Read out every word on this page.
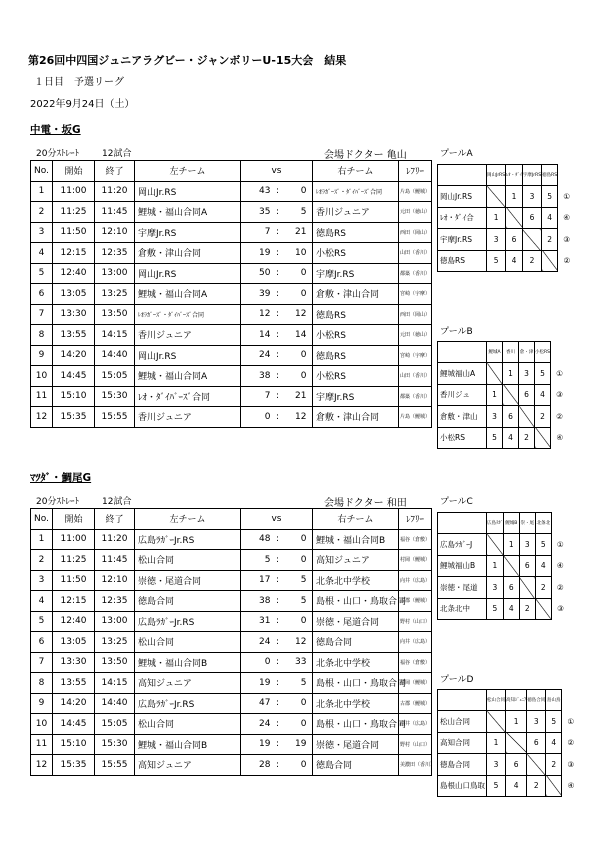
第26回中四国ジュニアラグビー・ジャンボリーU-15大会　結果
１日目　予選リーグ
2022年9月24日（土）
中電・坂G
20分ｽﾄﾚｰﾄ	12試合	会場ドクター 亀山	プールA
プールB
No.	開始	終了	左チーム	vs	右チーム	ﾚﾌﾘｰ
1	11:00	11:20	岡山Jr.RS	43 : 0	ﾚｵﾗｶﾞｰｽﾞ・ﾀﾞｲﾊﾞｰｽﾞ合同	片島（鯉城）
2	11:25	11:45	鯉城・福山合同A	35 : 5	香川ジュニア	元田（徳山）
3	11:50	12:10	宇摩Jr.RS	7 : 21	徳島RS	西田（岡山）
4	12:15	12:35	倉敷・津山合同	19 : 10	小松RS	山田（香川）
5	12:40	13:00	岡山Jr.RS	50 : 0	宇摩Jr.RS	都築（香川）
6	13:05	13:25	鯉城・福山合同A	39 : 0	倉敷・津山合同	宮崎（宇摩）
7	13:30	13:50	ﾚｵﾗｶﾞｰｽﾞ・ﾀﾞｲﾊﾞｰｽﾞ合同	12 : 12	徳島RS	西田（岡山）
8	13:55	14:15	香川ジュニア	14 : 14	小松RS	元田（徳山）
9	14:20	14:40	岡山Jr.RS	24 : 0	徳島RS	宮崎（宇摩）
10	14:45	15:05	鯉城・福山合同A	38 : 0	小松RS	山田（香川）
11	15:10	15:30	ﾚｵ・ﾀﾞｲﾊﾞｰｽﾞ合同	7 : 21	宇摩Jr.RS	都築（香川）
12	15:35	15:55	香川ジュニア	0 : 12	倉敷・津山合同	片島（鯉城）
	岡山JrRS	ﾚｵ・ﾀﾞｲ	宇摩JrRS	徳島RS	
岡山Jr.RS		1	3	5	①
ﾚｵ・ﾀﾞｲ合	1		6	4	④
宇摩Jr.RS	3	6		2	③
徳島RS	5	4	2		②
	鯉城A	香川	倉・津	小松RS	
鯉城福山A		1	3	5	①
香川ジュ	1		6	4	③
倉敷・津山	3	6		2	②
小松RS	5	4	2		④
ﾏﾂﾀﾞ・鯛尾G
20分ｽﾄﾚｰﾄ	12試合	会場ドクター 和田	プールC
プールD
No.	開始	終了	左チーム	vs	右チーム	ﾚﾌﾘｰ
1	11:00	11:20	広島ﾗｶﾞｰJr.RS	48 : 0	鯉城・福山合同B	福谷（倉敷）
2	11:25	11:45	松山合同	5 : 0	高知ジュニア	村岡（鯉城）
3	11:50	12:10	崇徳・尾道合同	17 : 5	北条北中学校	向井（広島）
4	12:15	12:35	徳島合同	38 : 5	島根・山口・鳥取合同	古郡（鯉城）
5	12:40	13:00	広島ﾗｶﾞｰJr.RS	31 : 0	崇徳・尾道合同	野村（山口）
6	13:05	13:25	松山合同	24 : 12	徳島合同	向井（広島）
7	13:30	13:50	鯉城・福山合同B	0 : 33	北条北中学校	福谷（倉敷）
8	13:55	14:15	高知ジュニア	19 : 5	島根・山口・鳥取合同	村岡（鯉城）
9	14:20	14:40	広島ﾗｶﾞｰJr.RS	47 : 0	北条北中学校	古郡（鯉城）
10	14:45	15:05	松山合同	24 : 0	島根・山口・鳥取合同	向井（広島）
11	15:10	15:30	鯉城・福山合同B	19 : 19	崇徳・尾道合同	野村（山口）
12	15:35	15:55	高知ジュニア	28 : 0	徳島合同	美濃田（香川）
	広島ﾗｶﾞ	鯉城B	崇・尾	北条北	
広島ﾗｶﾞｰJ		1	3	5	①
鯉城福山B	1		6	4	④
崇徳・尾道	3	6		2	②
北条北中	5	4	2		③
	松山合同	高知ｼﾞｭﾆｱ	徳島合同	島山鳥	
松山合同		1	3	5	①
高知合同	1		6	4	②
徳島合同	3	6		2	③
島根山口鳥取	5	4	2		④
